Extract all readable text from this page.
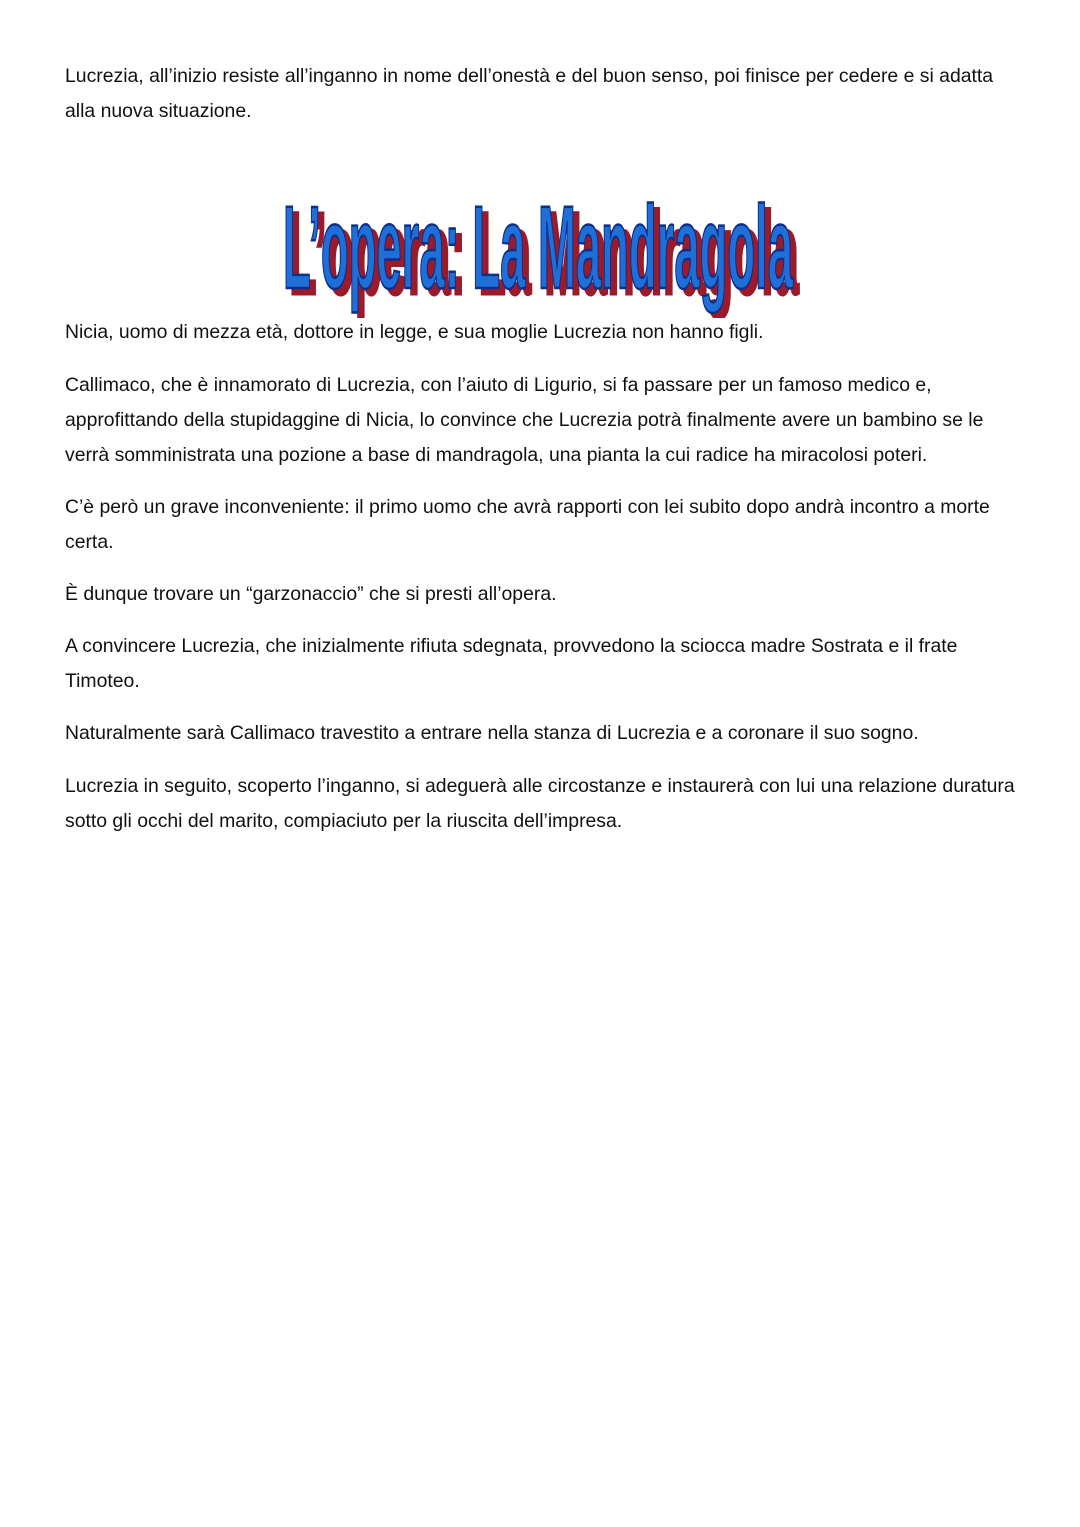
Lucrezia, all’inizio resiste all’inganno in nome dell’onestà e del buon senso, poi finisce per cedere e si adatta alla nuova situazione.

L’opera: La Mandragola
L’opera: La Mandragola

Nicia, uomo di mezza età, dottore in legge, e sua moglie Lucrezia non hanno figli.

Callimaco, che è innamorato di Lucrezia, con l’aiuto di Ligurio, si fa passare per un famoso medico e, approfittando della stupidaggine di Nicia, lo convince che Lucrezia potrà finalmente avere un bambino se le verrà somministrata una pozione a base di mandragola, una pianta la cui radice ha miracolosi poteri.

C’è però un grave inconveniente: il primo uomo che avrà rapporti con lei subito dopo andrà incontro a morte certa.

È dunque trovare un “garzonaccio” che si presti all’opera.

A convincere Lucrezia, che inizialmente rifiuta sdegnata, provvedono la sciocca madre Sostrata e il frate Timoteo.

Naturalmente sarà Callimaco travestito a entrare nella stanza di Lucrezia e a coronare il suo sogno.

Lucrezia in seguito, scoperto l’inganno, si adeguerà alle circostanze e instaurerà con lui una relazione duratura sotto gli occhi del marito, compiaciuto per la riuscita dell’impresa.
